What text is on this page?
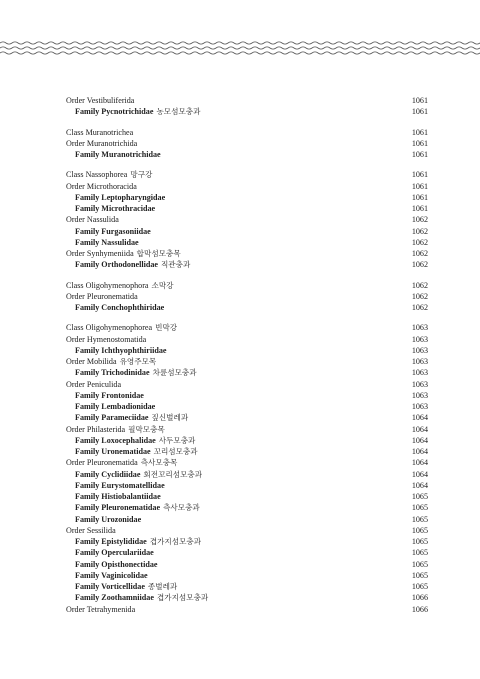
Order Vestibuliferida	1061
Family Pycnotrichidae 농모섬모충과	1061
Class Muranotrichea	1061
Order Muranotrichida	1061
Family Muranotrichidae	1061
Class Nassophorea 망구강	1061
Order Microthoracida	1061
Family Leptopharyngidae	1061
Family Microthracidae	1061
Order Nassulida	1062
Family Furgasoniidae	1062
Family Nassulidae	1062
Order Synhymeniida 합막섬모충목	1062
Family Orthodonellidae 직관충과	1062
Class Oligohymenophora 소막강	1062
Order Pleuronematida	1062
Family Conchophthiridae	1062
Class Oligohymenophorea 빈막강	1063
Order Hymenostomatida	1063
Family Ichthyophthiriidae	1063
Order Mobilida 유영주모목	1063
Family Trichodinidae 차륜섬모충과	1063
Order Peniculida	1063
Family Frontonidae	1063
Family Lembadionidae	1063
Family Parameciidae 짚신벌레과	1064
Order Philasterida 필막모충목	1064
Family Loxocephalidae 사두모충과	1064
Family Uronematidae 꼬리섬모충과	1064
Order Pleuronematida 측사모충목	1064
Family Cyclidiidae 회전꼬리섬모충과	1064
Family Eurystomatellidae	1064
Family Histiobalantiidae	1065
Family Pleuronematidae 측사모충과	1065
Family Urozonidae	1065
Order Sessilida	1065
Family Epistylididae 겹가지섬모충과	1065
Family Operculariidae	1065
Family Opisthonectidae	1065
Family Vaginicolidae	1065
Family Vorticellidae 종벌레과	1065
Family Zoothamniidae 겹가지섬모충과	1066
Order Tetrahymenida	1066
